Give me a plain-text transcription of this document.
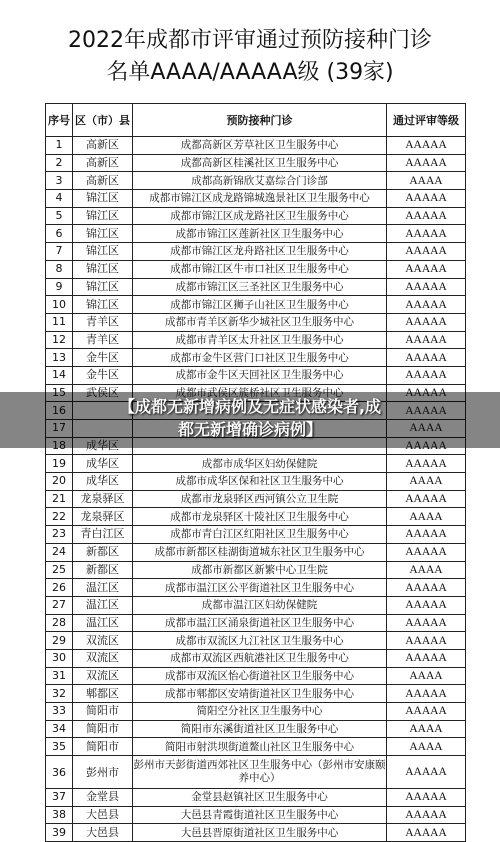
2022年成都市评审通过预防接种门诊
名单AAAA/AAAAA级 (39家)
序号	区（市）县	预防接种门诊	通过评审等级
1	高新区	成都高新区芳草社区卫生服务中心	AAAAA
2	高新区	成都高新区桂溪社区卫生服务中心	AAAAA
3	高新区	成都高新锦欣艾嘉综合门诊部	AAAA
4	锦江区	成都市锦江区成龙路锦城逸景社区卫生服务中心	AAAAA
5	锦江区	成都市锦江区成龙路社区卫生服务中心	AAAAA
6	锦江区	成都市锦江区莲新社区卫生服务中心	AAAAA
7	锦江区	成都市锦江区龙舟路社区卫生服务中心	AAAAA
8	锦江区	成都市锦江区牛市口社区卫生服务中心	AAAAA
9	锦江区	成都市锦江区三圣社区卫生服务中心	AAAAA
10	锦江区	成都市锦江区狮子山社区卫生服务中心	AAAAA
11	青羊区	成都市青羊区新华少城社区卫生服务中心	AAAAA
12	青羊区	成都市青羊区太升社区卫生服务中心	AAAAA
13	金牛区	成都市金牛区营门口社区卫生服务中心	AAAAA
14	金牛区	成都市金牛区天回社区卫生服务中心	AAAAA
15	武侯区	成都市武侯区簇桥社区卫生服务中心	AAAAA
16			AAAAA
17			AAAA
18	成华区		AAAAA
19	成华区	成都市成华区妇幼保健院	AAAAA
20	成华区	成都市成华区保和社区卫生服务中心	AAAA
21	龙泉驿区	成都市龙泉驿区西河镇公立卫生院	AAAAA
22	龙泉驿区	成都市龙泉驿区十陵社区卫生服务中心	AAAA
23	青白江区	成都市青白江区红阳社区卫生服务中心	AAAAA
24	新都区	成都市新都区桂湖街道城东社区卫生服务中心	AAAAA
25	新都区	成都市新都区新繁中心卫生院	AAAA
26	温江区	成都市温江区公平街道社区卫生服务中心	AAAAA
27	温江区	成都市温江区妇幼保健院	AAAAA
28	温江区	成都市温江区涌泉街道社区卫生服务中心	AAAAA
29	双流区	成都市双流区九江社区卫生服务中心	AAAAA
30	双流区	成都市双流区西航港社区卫生服务中心	AAAAA
31	双流区	成都市双流区怡心街道社区卫生服务中心	AAAA
32	郫都区	成都市郫都区安靖街道社区卫生服务中心	AAAAA
33	简阳市	简阳空分社区卫生服务中心	AAAAA
34	简阳市	简阳市东溪街道社区卫生服务中心	AAAA
35	简阳市	简阳市射洪坝街道鳌山社区卫生服务中心	AAAA
36	彭州市	彭州市天彭街道西郊社区卫生服务中心（彭州市安康颐养中心）	AAAAA
37	金堂县	金堂县赵镇社区卫生服务中心	AAAAA
38	大邑县	大邑县青霞街道社区卫生服务中心	AAAAA
39	大邑县	大邑县晋原街道社区卫生服务中心	AAAAA
【成都无新增病例及无症状感染者,成
都无新增确诊病例】
